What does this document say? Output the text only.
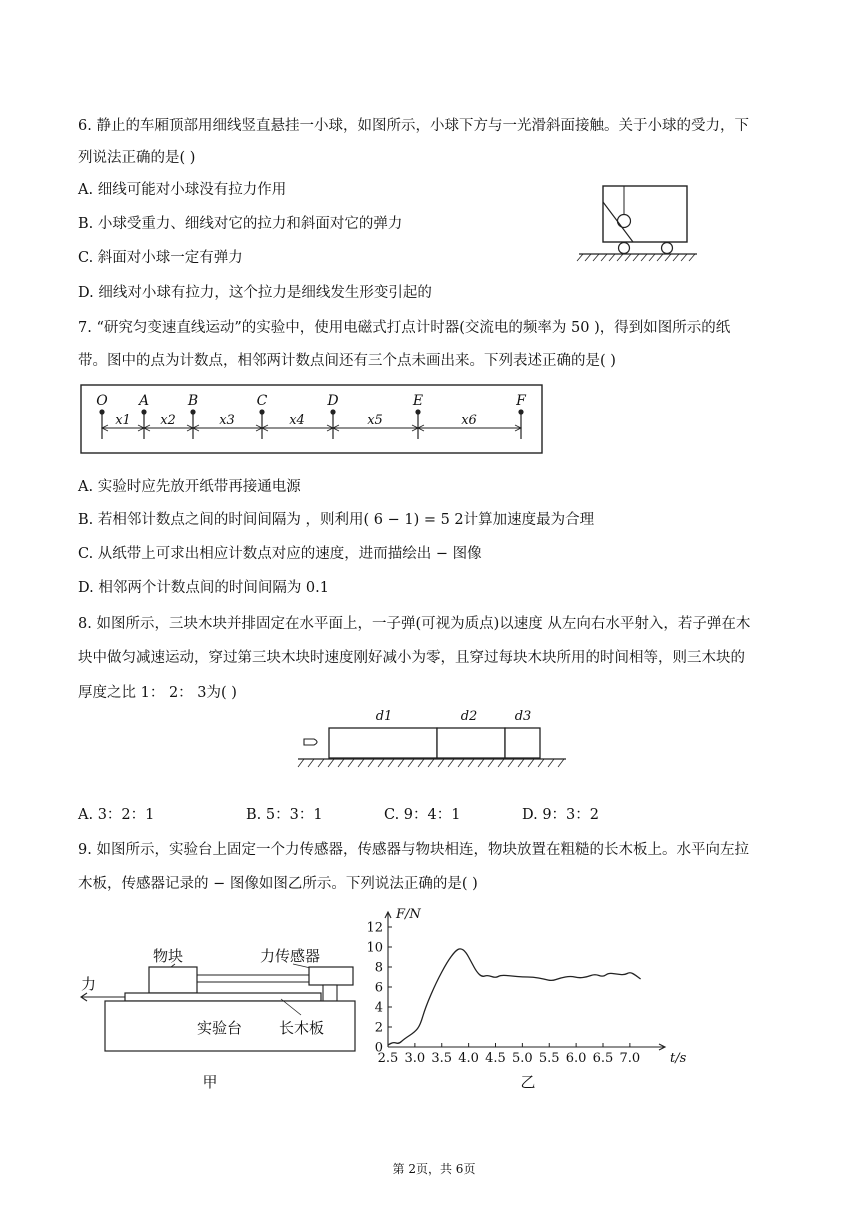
6. 静止的车厢顶部用细线竖直悬挂一小球，如图所示，小球下方与一光滑斜面接触。关于小球的受力，下
列说法正确的是( )
A. 细线可能对小球没有拉力作用
B. 小球受重力、细线对它的拉力和斜面对它的弹力
C. 斜面对小球一定有弹力
D. 细线对小球有拉力，这个拉力是细线发生形变引起的
7. “研究匀变速直线运动”的实验中，使用电磁式打点计时器(交流电的频率为 50 )，得到如图所示的纸
带。图中的点为计数点，相邻两计数点间还有三个点未画出来。下列表述正确的是( )
O A	B	C	D	E	F
x1 x2	x3	x4	x5	x6
A. 实验时应先放开纸带再接通电源
B. 若相邻计数点之间的时间间隔为 ，则利用( 6 − 1) = 5 2计算加速度最为合理
C. 从纸带上可求出相应计数点对应的速度，进而描绘出 − 图像
D. 相邻两个计数点间的时间间隔为 0.1
8. 如图所示，三块木块并排固定在水平面上，一子弹(可视为质点)以速度 从左向右水平射入，若子弹在木
块中做匀减速运动，穿过第三块木块时速度刚好减小为零，且穿过每块木块所用的时间相等，则三木块的
厚度之比 1： 2： 3为( )
d1	d2	d3
A. 3：2：1	B. 5：3：1	C. 9：4：1	D. 9：3：2
9. 如图所示，实验台上固定一个力传感器，传感器与物块相连，物块放置在粗糙的长木板上。水平向左拉
木板，传感器记录的 − 图像如图乙所示。下列说法正确的是( )
物块	力传感器
力
实验台 长木板
甲
F/N
t/s
0
2
4
6
8
10
12
2.5 3.0 3.5 4.0 4.5 5.0 5.5 6.0 6.5 7.0
乙
第 2页，共 6页
